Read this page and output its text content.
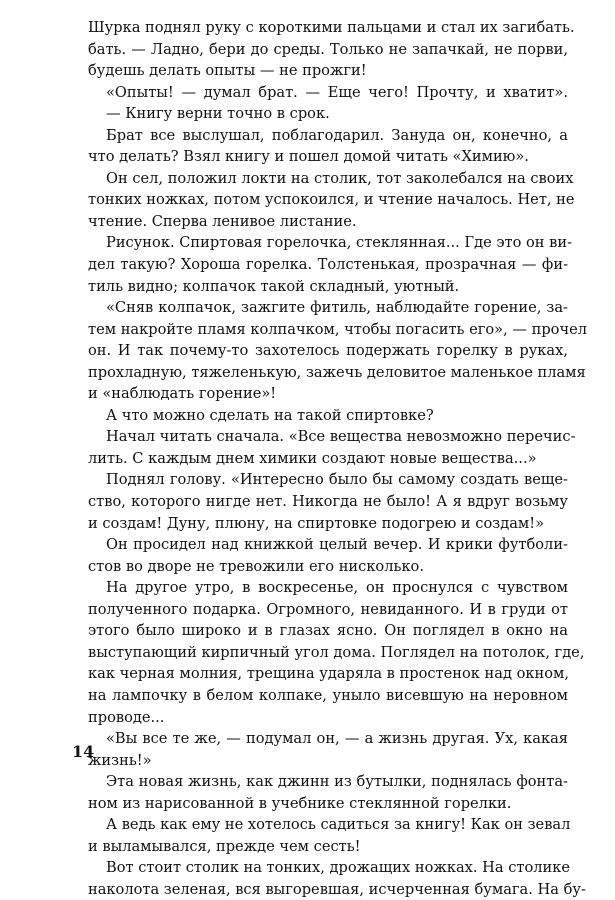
Шурка поднял руку с короткими пальцами и стал их загибать.
бать. — Ладно, бери до среды. Только не запачкай, не порви,
будешь делать опыты — не прожги!
«Опыты! — думал брат. — Еще чего! Прочту, и хватит».
— Книгу верни точно в срок.
Брат все выслушал, поблагодарил. Зануда он, конечно, а
что делать? Взял книгу и пошел домой читать «Химию».
Он сел, положил локти на столик, тот заколебался на своих
тонких ножках, потом успокоился, и чтение началось. Нет, не
чтение. Сперва ленивое листание.
Рисунок. Спиртовая горелочка, стеклянная... Где это он ви-
дел такую? Хороша горелка. Толстенькая, прозрачная — фи-
тиль видно; колпачок такой складный, уютный.
«Сняв колпачок, зажгите фитиль, наблюдайте горение, за-
тем накройте пламя колпачком, чтобы погасить его», — прочел
он. И так почему-то захотелось подержать горелку в руках,
прохладную, тяжеленькую, зажечь деловитое маленькое пламя
и «наблюдать горение»!
А что можно сделать на такой спиртовке?
Начал читать сначала. «Все вещества невозможно перечис-
лить. С каждым днем химики создают новые вещества...»
Поднял голову. «Интересно было бы самому создать веще-
ство, которого нигде нет. Никогда не было! А я вдруг возьму
и создам! Дуну, плюну, на спиртовке подогрею и создам!»
Он просидел над книжкой целый вечер. И крики футболи-
стов во дворе не тревожили его нисколько.
На другое утро, в воскресенье, он проснулся с чувством
полученного подарка. Огромного, невиданного. И в груди от
этого было широко и в глазах ясно. Он поглядел в окно на
выступающий кирпичный угол дома. Поглядел на потолок, где,
как черная молния, трещина ударяла в простенок над окном,
на лампочку в белом колпаке, уныло висевшую на неровном
проводе...
«Вы все те же, — подумал он, — а жизнь другая. Ух, какая
жизнь!»
Эта новая жизнь, как джинн из бутылки, поднялась фонта-
ном из нарисованной в учебнике стеклянной горелки.
А ведь как ему не хотелось садиться за книгу! Как он зевал
и выламывался, прежде чем сесть!
Вот стоит столик на тонких, дрожащих ножках. На столике
наколота зеленая, вся выгоревшая, исчерченная бумага. На бу-
14
